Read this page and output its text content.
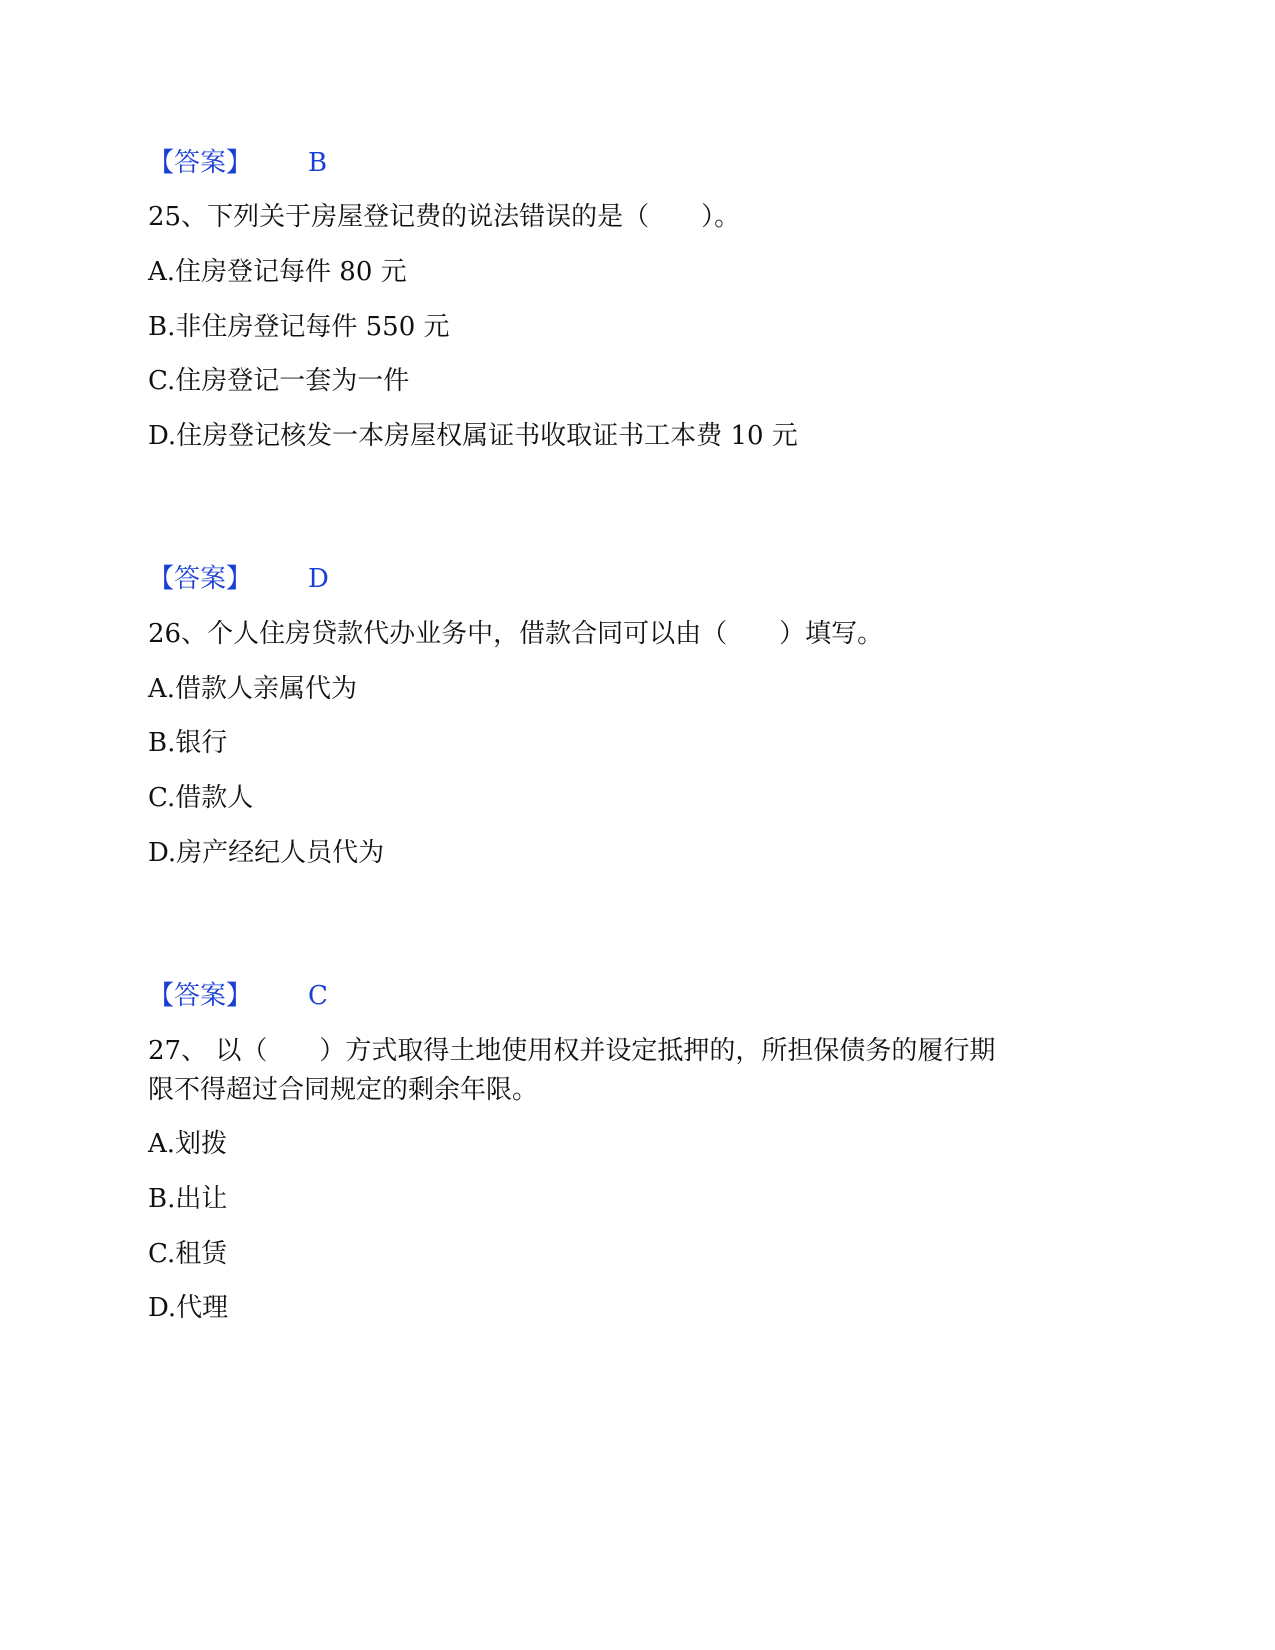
【答案】 B
25、下列关于房屋登记费的说法错误的是（　　）。
A.住房登记每件 80 元
B.非住房登记每件 550 元
C.住房登记一套为一件
D.住房登记核发一本房屋权属证书收取证书工本费 10 元
【答案】 D
26、个人住房贷款代办业务中，借款合同可以由（　　）填写。
A.借款人亲属代为
B.银行
C.借款人
D.房产经纪人员代为
【答案】 C
27、 以（　　）方式取得土地使用权并设定抵押的，所担保债务的履行期
限不得超过合同规定的剩余年限。
A.划拨
B.出让
C.租赁
D.代理
